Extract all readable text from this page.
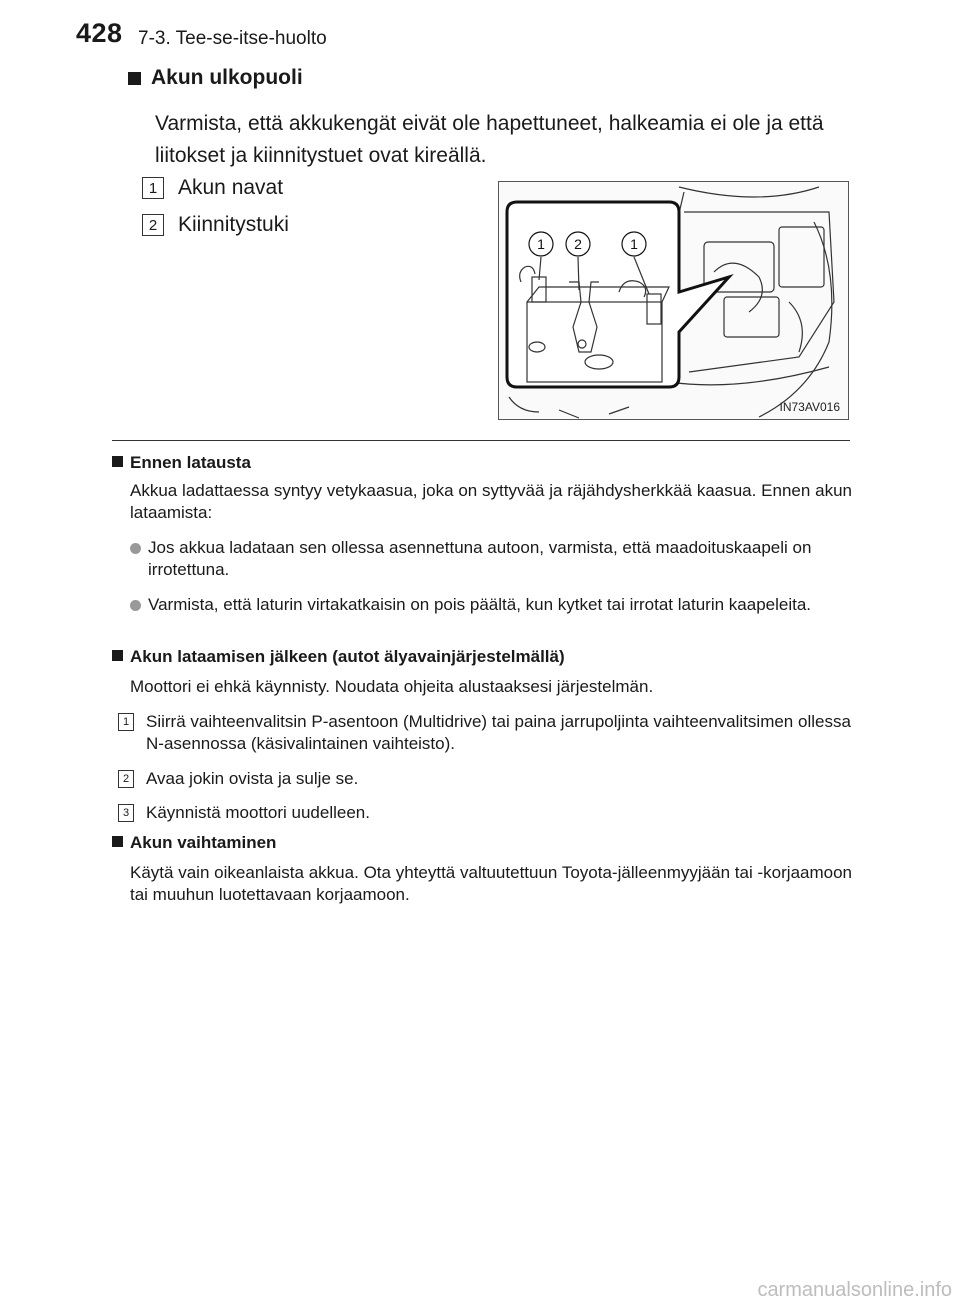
428 7-3. Tee-se-itse-huolto
Akun ulkopuoli
Varmista, että akkukengät eivät ole hapettuneet, halkeamia ei ole ja että liitokset ja kiinnitystuet ovat kireällä.
1 Akun navat
2 Kiinnitystuki
1 2	1
IN73AV016
Ennen latausta
Akkua ladattaessa syntyy vetykaasua, joka on syttyvää ja räjähdysherkkää kaasua. Ennen akun lataamista:
Jos akkua ladataan sen ollessa asennettuna autoon, varmista, että maadoituskaapeli on irrotettuna.
Varmista, että laturin virtakatkaisin on pois päältä, kun kytket tai irrotat laturin kaapeleita.
Akun lataamisen jälkeen (autot älyavainjärjestelmällä)
Moottori ei ehkä käynnisty. Noudata ohjeita alustaaksesi järjestelmän.
1 Siirrä vaihteenvalitsin P-asentoon (Multidrive) tai paina jarrupoljinta vaihteenvalitsimen ollessa N-asennossa (käsivalintainen vaihteisto).
2 Avaa jokin ovista ja sulje se.
3 Käynnistä moottori uudelleen.
Akun vaihtaminen
Käytä vain oikeanlaista akkua. Ota yhteyttä valtuutettuun Toyota-jälleenmyyjään tai -korjaamoon tai muuhun luotettavaan korjaamoon.
carmanualsonline.info
